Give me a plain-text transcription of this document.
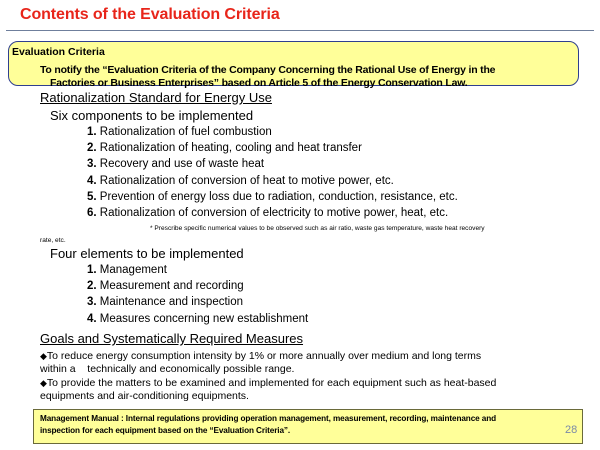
Contents of the Evaluation Criteria
Evaluation Criteria
To notify the “Evaluation Criteria of the Company Concerning the Rational Use of Energy in the
Factories or Business Enterprises” based on Article 5 of the Energy Conservation Law.
Rationalization Standard for Energy Use
Six components to be implemented
1. Rationalization of fuel combustion
2. Rationalization of heating, cooling and heat transfer
3. Recovery and use of waste heat
4. Rationalization of conversion of heat to motive power, etc.
5. Prevention of energy loss due to radiation, conduction, resistance, etc.
6. Rationalization of conversion of electricity to motive power, heat, etc.
* Prescribe specific numerical values to be observed such as air ratio, waste gas temperature, waste heat recovery
rate, etc.
Four elements to be implemented
1. Management
2. Measurement and recording
3. Maintenance and inspection
4. Measures concerning new establishment
Goals and Systematically Required Measures
◆To reduce energy consumption intensity by 1% or more annually over medium and long terms
within a    technically and economically possible range.
◆To provide the matters to be examined and implemented for each equipment such as heat-based
equipments and air-conditioning equipments.
Management Manual : Internal regulations providing operation management, measurement, recording, maintenance and
inspection for each equipment based on the “Evaluation Criteria”.	28
